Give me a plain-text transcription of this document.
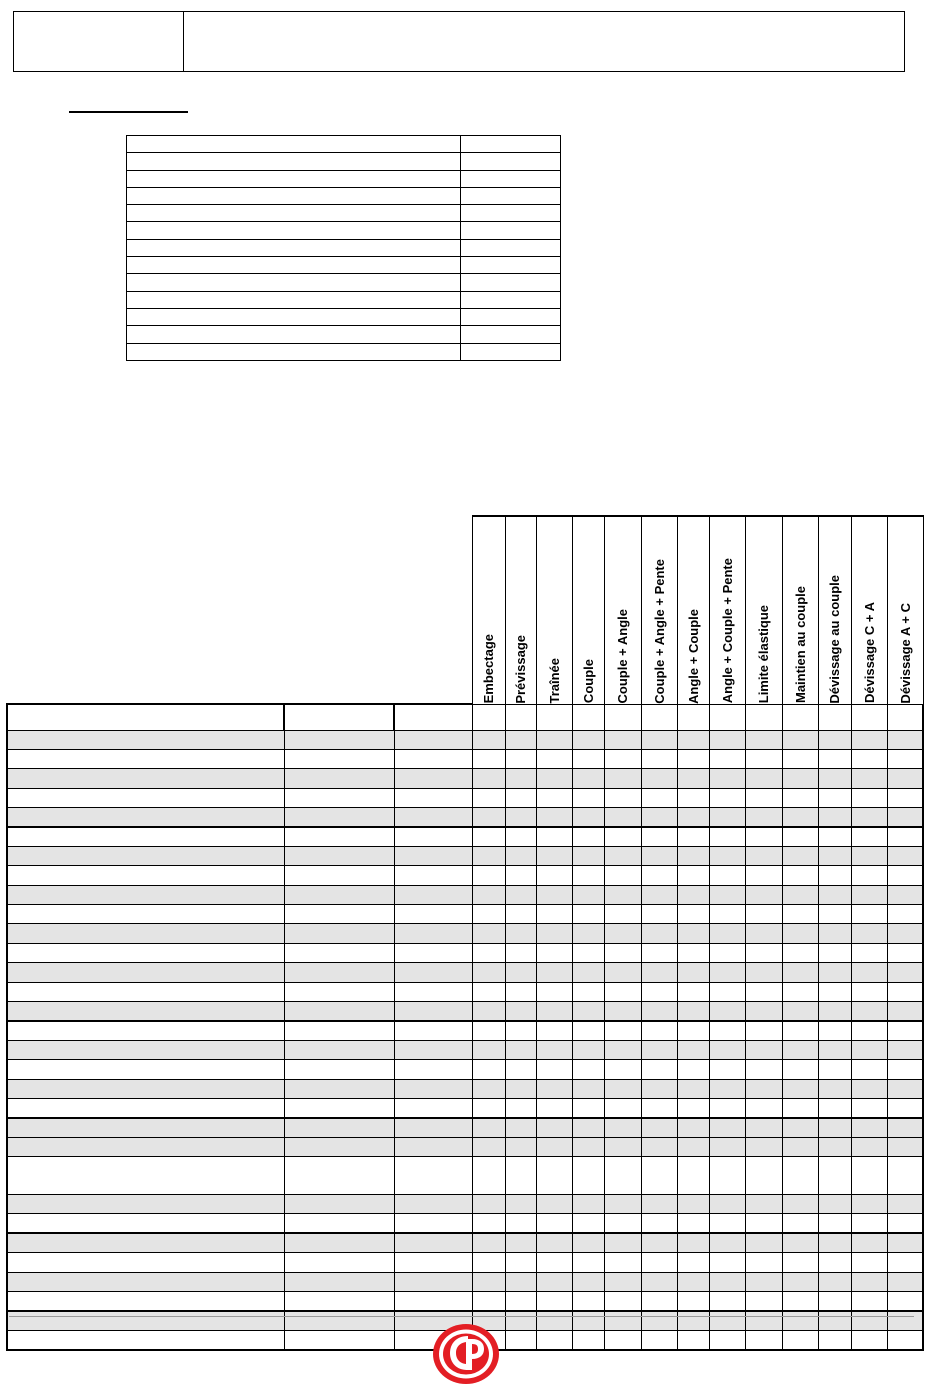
			Embectage	Prévissage	Traînée	Couple	Couple + Angle	Couple + Angle + Pente	Angle + Couple	Angle + Couple + Pente	Limite élastique	Maintien au couple	Dévissage au couple	Dévissage C + A	Dévissage A + C
